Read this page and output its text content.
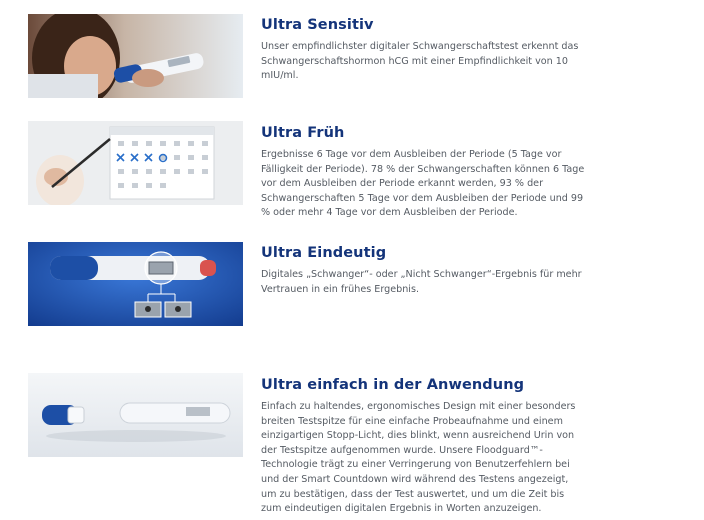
Ultra Sensitiv

Unser empfindlichster digitaler Schwangerschaftstest erkennt das Schwangerschaftshormon hCG mit einer Empfindlichkeit von 10 mIU/ml.

Ultra Früh

Ergebnisse 6 Tage vor dem Ausbleiben der Periode (5 Tage vor Fälligkeit der Periode). 78 % der Schwangerschaften können 6 Tage vor dem Ausbleiben der Periode erkannt werden, 93 % der Schwangerschaften 5 Tage vor dem Ausbleiben der Periode und 99 % oder mehr 4 Tage vor dem Ausbleiben der Periode.

Ultra Eindeutig

Digitales „Schwanger“- oder „Nicht Schwanger“-Ergebnis für mehr Vertrauen in ein frühes Ergebnis.

Ultra einfach in der Anwendung

Einfach zu haltendes, ergonomisches Design mit einer besonders breiten Testspitze für eine einfache Probeaufnahme und einem einzigartigen Stopp-Licht, dies blinkt, wenn ausreichend Urin von der Testspitze aufgenommen wurde. Unsere Floodguard™-Technologie trägt zu einer Verringerung von Benutzerfehlern bei und der Smart Countdown wird während des Testens angezeigt, um zu bestätigen, dass der Test auswertet, und um die Zeit bis zum eindeutigen digitalen Ergebnis in Worten anzuzeigen.
